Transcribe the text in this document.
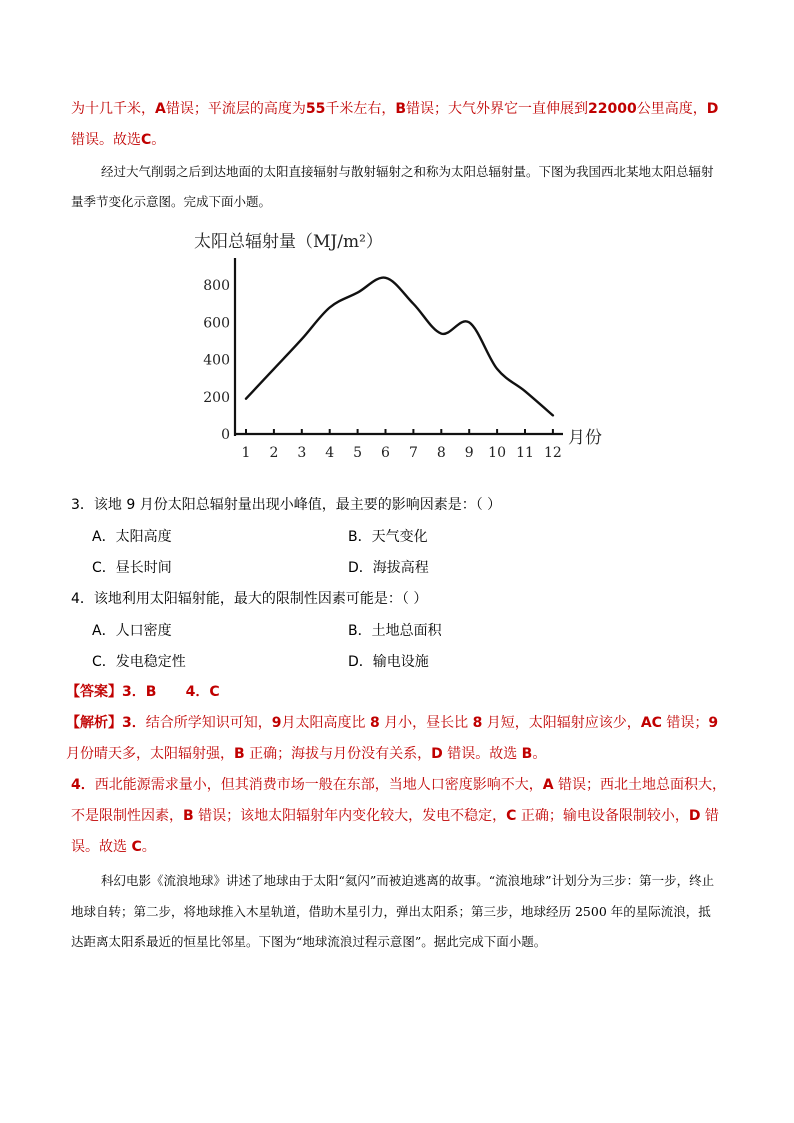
为十几千米，A错误；平流层的高度为55千米左右，B错误；大气外界它一直伸展到22000公里高度，D
错误。故选C。
经过大气削弱之后到达地面的太阳直接辐射与散射辐射之和称为太阳总辐射量。下图为我国西北某地太阳总辐射量季节变化示意图。完成下面小题。
太阳总辐射量（MJ/m²）
0
200
400
600
800
1 2 3 4 5 6 7 8 9 10 11 12
月份
3．该地 9 月份太阳总辐射量出现小峰值，最主要的影响因素是：（ ）
A．太阳高度	B．天气变化
C．昼长时间	D．海拔高程
4．该地利用太阳辐射能，最大的限制性因素可能是：（ ）
A．人口密度	B．土地总面积
C．发电稳定性	D．输电设施
【答案】3．B      4．C
【解析】3．结合所学知识可知，9月太阳高度比 8 月小，昼长比 8 月短，太阳辐射应该少，AC 错误；9 月份晴天多，太阳辐射强，B 正确；海拔与月份没有关系，D 错误。故选 B。
4．西北能源需求量小，但其消费市场一般在东部，当地人口密度影响不大，A 错误；西北土地总面积大，不是限制性因素，B 错误；该地太阳辐射年内变化较大，发电不稳定，C 正确；输电设备限制较小，D 错误。故选 C。
科幻电影《流浪地球》讲述了地球由于太阳“氦闪”而被迫逃离的故事。“流浪地球”计划分为三步：第一步，终止地球自转；第二步，将地球推入木星轨道，借助木星引力，弹出太阳系；第三步，地球经历 2500 年的星际流浪，抵达距离太阳系最近的恒星比邻星。下图为“地球流浪过程示意图”。据此完成下面小题。
